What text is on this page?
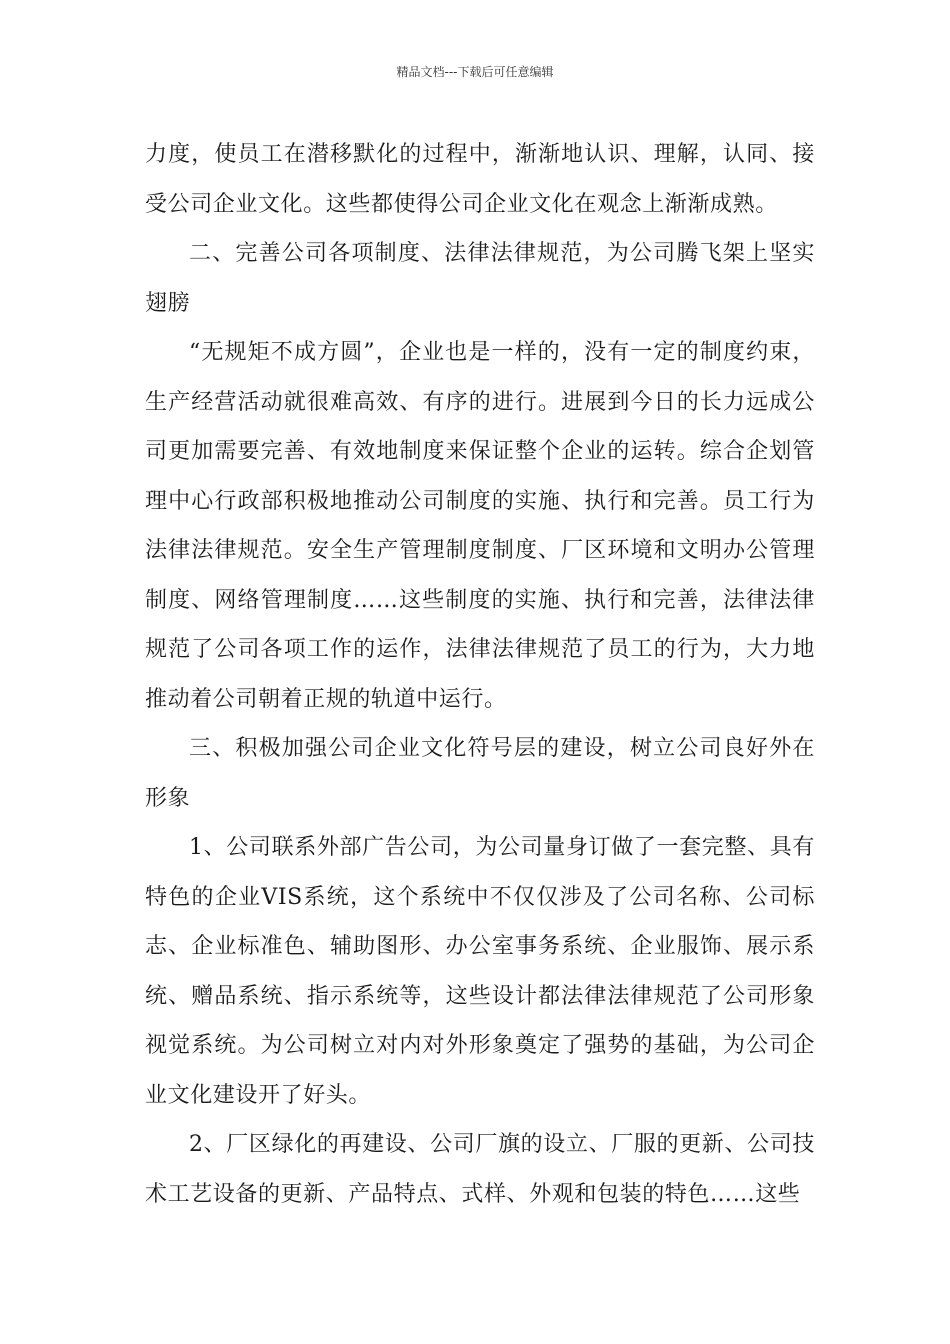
精品文档---下载后可任意编辑

力度，使员工在潜移默化的过程中，渐渐地认识、理解，认同、接受公司企业文化。这些都使得公司企业文化在观念上渐渐成熟。

二、完善公司各项制度、法律法律规范，为公司腾飞架上坚实翅膀

“无规矩不成方圆”，企业也是一样的，没有一定的制度约束，生产经营活动就很难高效、有序的进行。进展到今日的长力远成公司更加需要完善、有效地制度来保证整个企业的运转。综合企划管理中心行政部积极地推动公司制度的实施、执行和完善。员工行为法律法律规范。安全生产管理制度制度、厂区环境和文明办公管理制度、网络管理制度……这些制度的实施、执行和完善，法律法律规范了公司各项工作的运作，法律法律规范了员工的行为，大力地推动着公司朝着正规的轨道中运行。

三、积极加强公司企业文化符号层的建设，树立公司良好外在形象

1、公司联系外部广告公司，为公司量身订做了一套完整、具有特色的企业VIS系统，这个系统中不仅仅涉及了公司名称、公司标志、企业标准色、辅助图形、办公室事务系统、企业服饰、展示系统、赠品系统、指示系统等，这些设计都法律法律规范了公司形象视觉系统。为公司树立对内对外形象奠定了强势的基础，为公司企业文化建设开了好头。

2、厂区绿化的再建设、公司厂旗的设立、厂服的更新、公司技术工艺设备的更新、产品特点、式样、外观和包装的特色……这些
